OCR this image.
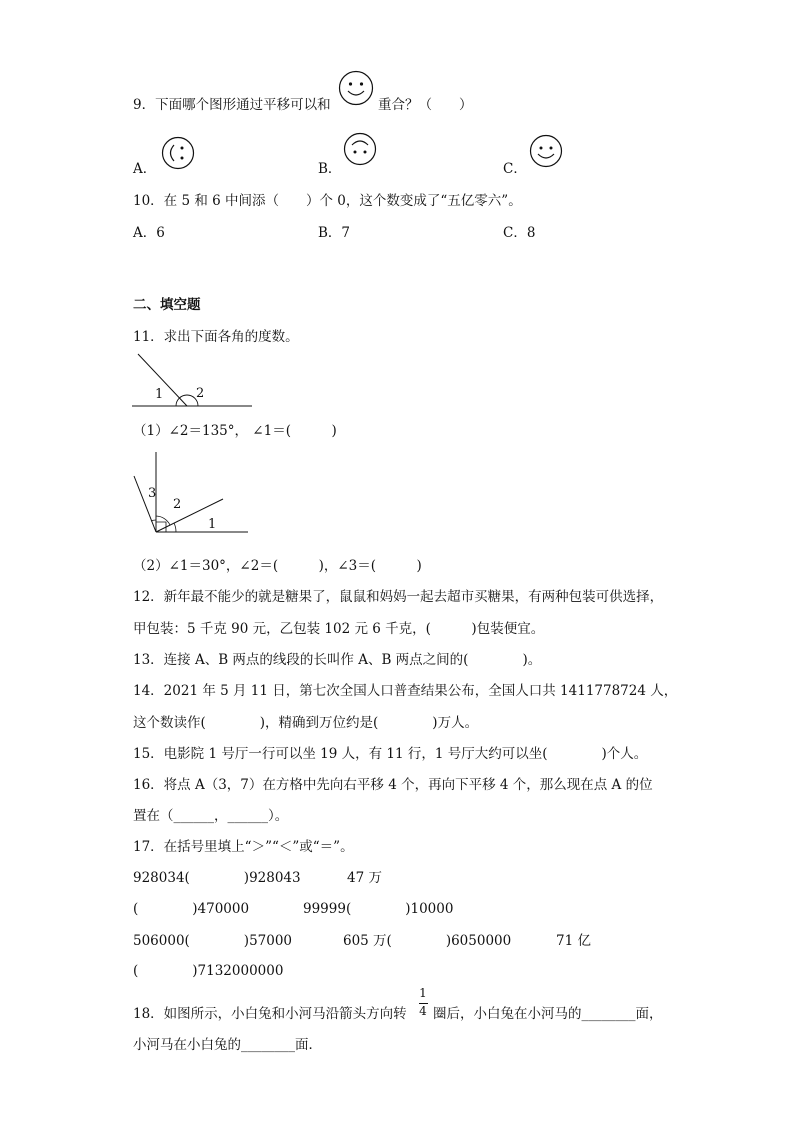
9．下面哪个图形通过平移可以和	重合？（　　）
A．	B．	C．
10．在 5 和 6 中间添（　　）个 0，这个数变成了“五亿零六”。
A．6	B．7	C．8
二、填空题
11．求出下面各角的度数。
1	2
（1）∠2＝135°， ∠1＝(　　　)
3
2
1
（2）∠1＝30°，∠2＝(　　　)，∠3＝(　　　)
12．新年最不能少的就是糖果了，鼠鼠和妈妈一起去超市买糖果，有两种包装可供选择，
甲包装：5 千克 90 元，乙包装 102 元 6 千克，(　　　)包装便宜。
13．连接 A、B 两点的线段的长叫作 A、B 两点之间的(　　　　)。
14．2021 年 5 月 11 日，第七次全国人口普查结果公布，全国人口共 1411778724 人，
这个数读作(　　　　)，精确到万位约是(　　　　)万人。
15．电影院 1 号厅一行可以坐 19 人，有 11 行，1 号厅大约可以坐(　　　　)个人。
16．将点 A（3，7）在方格中先向右平移 4 个，再向下平移 4 个，那么现在点 A 的位
置在（______，______）。
17．在括号里填上“＞”“＜”或“＝”。
928034(　　　　)928043	47 万
(　　　　)470000	99999(　　　　)10000
506000(　　　　)57000	605 万(　　　　)6050000	71 亿
(　　　　)7132000000
18．如图所示，小白兔和小河马沿箭头方向转
1
4 圈后，小白兔在小河马的________面，
小河马在小白兔的________面．
